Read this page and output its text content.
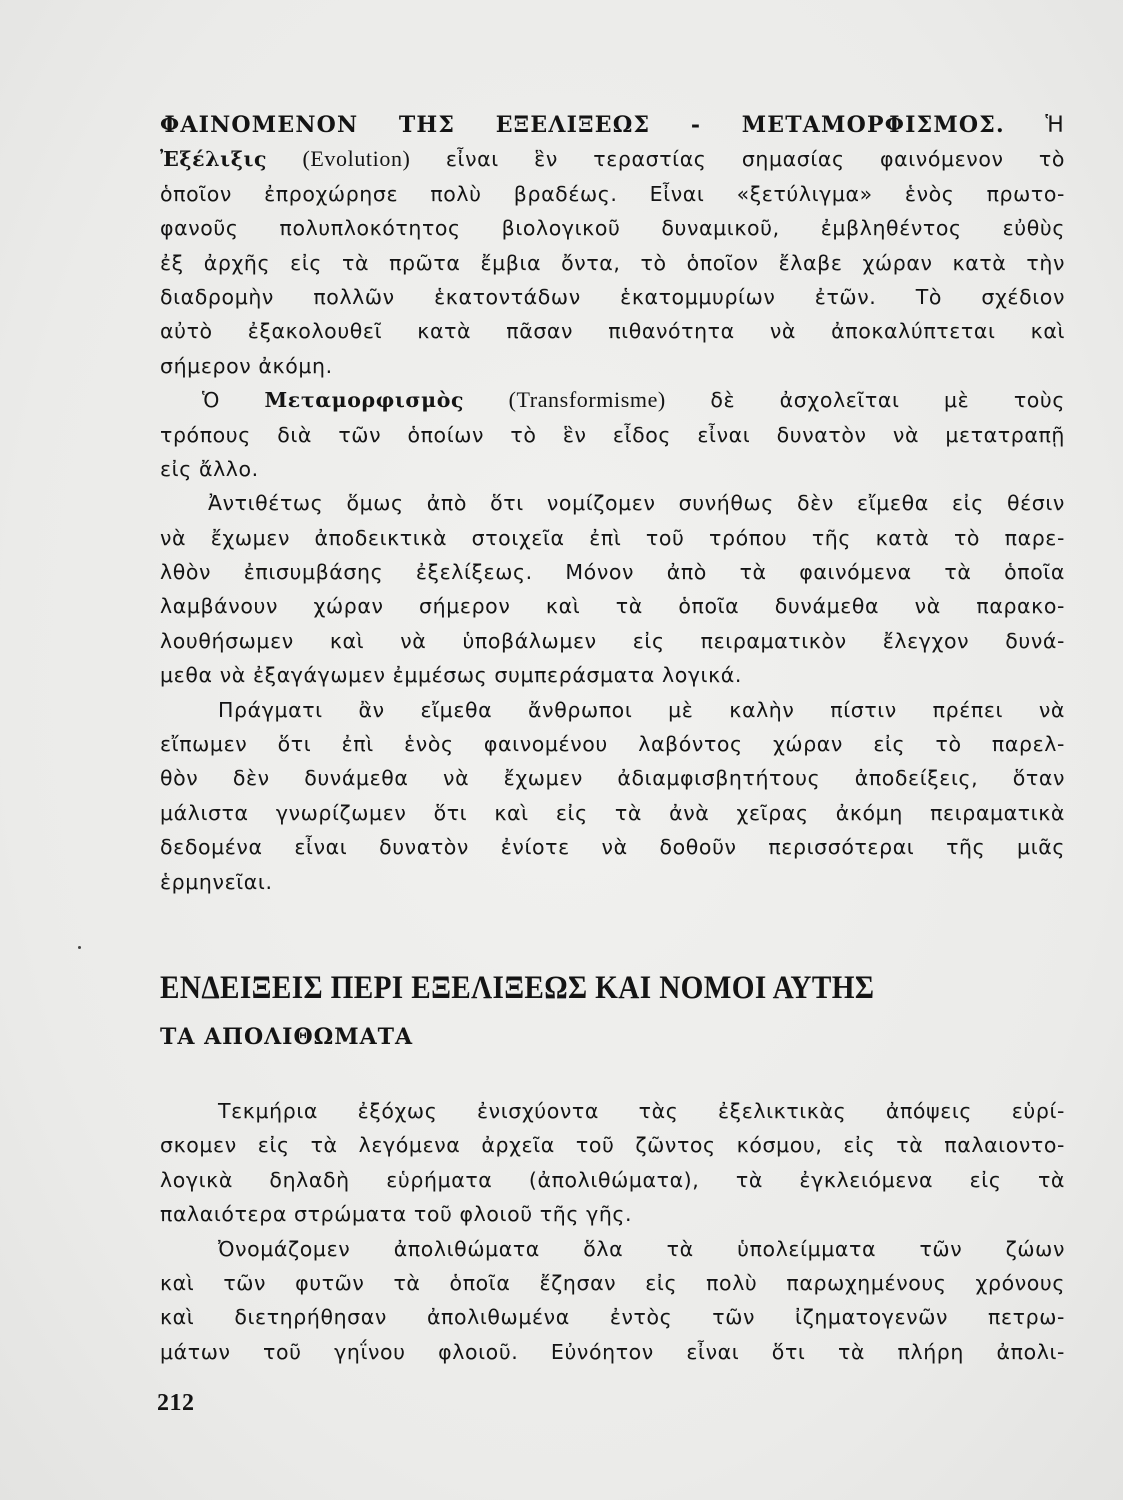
ΦΑΙΝΟΜΕΝΟΝ ΤΗΣ ΕΞΕΛΙΞΕΩΣ - ΜΕΤΑΜΟΡΦΙΣΜΟΣ. Ἡ
Ἐξέλιξις (Evolution) εἶναι ἓν τεραστίας σημασίας φαινόμενον τὸ
ὁποῖον ἐπροχώρησε πολὺ βραδέως. Εἶναι «ξετύλιγμα» ἑνὸς πρωτο-
φανοῦς πολυπλοκότητος βιολογικοῦ δυναμικοῦ, ἐμβληθέντος εὐθὺς
ἐξ ἀρχῆς εἰς τὰ πρῶτα ἔμβια ὄντα, τὸ ὁποῖον ἔλαβε χώραν κατὰ τὴν
διαδρομὴν πολλῶν ἑκατοντάδων ἑκατομμυρίων ἐτῶν. Τὸ σχέδιον
αὐτὸ ἐξακολουθεῖ κατὰ πᾶσαν πιθανότητα νὰ ἀποκαλύπτεται καὶ
σήμερον ἀκόμη.
Ὁ Μεταμορφισμὸς (Transformisme) δὲ ἀσχολεῖται μὲ τοὺς
τρόπους διὰ τῶν ὁποίων τὸ ἓν εἶδος εἶναι δυνατὸν νὰ μετατραπῇ
εἰς ἄλλο.
Ἀντιθέτως ὅμως ἀπὸ ὅτι νομίζομεν συνήθως δὲν εἴμεθα εἰς θέσιν
νὰ ἔχωμεν ἀποδεικτικὰ στοιχεῖα ἐπὶ τοῦ τρόπου τῆς κατὰ τὸ παρε-
λθὸν ἐπισυμβάσης ἐξελίξεως. Μόνον ἀπὸ τὰ φαινόμενα τὰ ὁποῖα
λαμβάνουν χώραν σήμερον καὶ τὰ ὁποῖα δυνάμεθα νὰ παρακο-
λουθήσωμεν καὶ νὰ ὑποβάλωμεν εἰς πειραματικὸν ἔλεγχον δυνά-
μεθα νὰ ἐξαγάγωμεν ἐμμέσως συμπεράσματα λογικά.
Πράγματι ἂν εἴμεθα ἄνθρωποι μὲ καλὴν πίστιν πρέπει νὰ
εἴπωμεν ὅτι ἐπὶ ἑνὸς φαινομένου λαβόντος χώραν εἰς τὸ παρελ-
θὸν δὲν δυνάμεθα νὰ ἔχωμεν ἀδιαμφισβητήτους ἀποδείξεις, ὅταν
μάλιστα γνωρίζωμεν ὅτι καὶ εἰς τὰ ἀνὰ χεῖρας ἀκόμη πειραματικὰ
δεδομένα εἶναι δυνατὸν ἐνίοτε νὰ δοθοῦν περισσότεραι τῆς μιᾶς
ἑρμηνεῖαι.
ΕΝΔΕΙΞΕΙΣ ΠΕΡΙ ΕΞΕΛΙΞΕΩΣ ΚΑΙ ΝΟΜΟΙ ΑΥΤΗΣ
ΤΑ ΑΠΟΛΙΘΩΜΑΤΑ
Τεκμήρια ἐξόχως ἐνισχύοντα τὰς ἐξελικτικὰς ἀπόψεις εὑρί-
σκομεν εἰς τὰ λεγόμενα ἀρχεῖα τοῦ ζῶντος κόσμου, εἰς τὰ παλαιοντο-
λογικὰ δηλαδὴ εὑρήματα (ἀπολιθώματα), τὰ ἐγκλειόμενα εἰς τὰ
παλαιότερα στρώματα τοῦ φλοιοῦ τῆς γῆς.
Ὀνομάζομεν ἀπολιθώματα ὅλα τὰ ὑπολείμματα τῶν ζώων
καὶ τῶν φυτῶν τὰ ὁποῖα ἔζησαν εἰς πολὺ παρωχημένους χρόνους
καὶ διετηρήθησαν ἀπολιθωμένα ἐντὸς τῶν ἰζηματογενῶν πετρω-
μάτων τοῦ γηΐνου φλοιοῦ. Εὐνόητον εἶναι ὅτι τὰ πλήρη ἀπολι-
212
